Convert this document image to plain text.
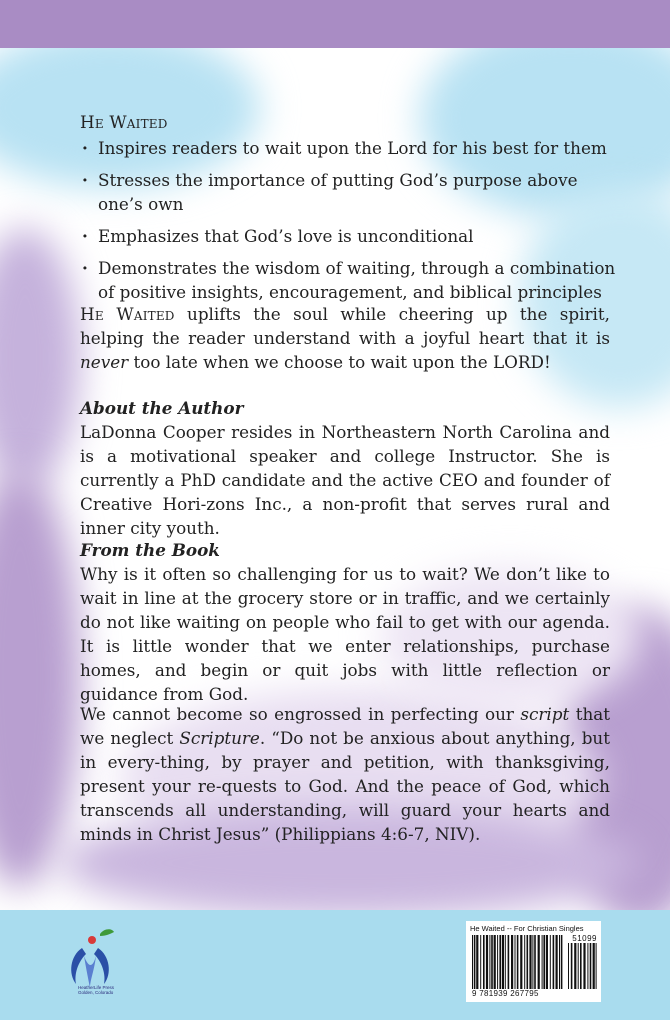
He Waited
· Inspires readers to wait upon the Lord for his best for them
· Stresses the importance of putting God’s purpose above one’s own
· Emphasizes that God’s love is unconditional
· Demonstrates the wisdom of waiting, through a combination of positive insights, encouragement, and biblical principles
He Waited uplifts the soul while cheering up the spirit, helping the reader understand with a joyful heart that it is never too late when we choose to wait upon the LORD!
About the Author
LaDonna Cooper resides in Northeastern North Carolina and is a motivational speaker and college Instructor. She is currently a PhD candidate and the active CEO and founder of Creative Hori-zons Inc., a non-profit that serves rural and inner city youth.
From the Book
Why is it often so challenging for us to wait? We don’t like to wait in line at the grocery store or in traffic, and we certainly do not like waiting on people who fail to get with our agenda. It is little wonder that we enter relationships, purchase homes, and begin or quit jobs with little reflection or guidance from God.
We cannot become so engrossed in perfecting our script that we neglect Scripture. “Do not be anxious about anything, but in every-thing, by prayer and petition, with thanksgiving, present your re-quests to God. And the peace of God, which transcends all understanding, will guard your hearts and minds in Christ Jesus” (Philippians 4:6-7, NIV).
HeatherLife Press
Golden, Colorado
He Waited -- For Christian Singles
51099
9 781939 267795
